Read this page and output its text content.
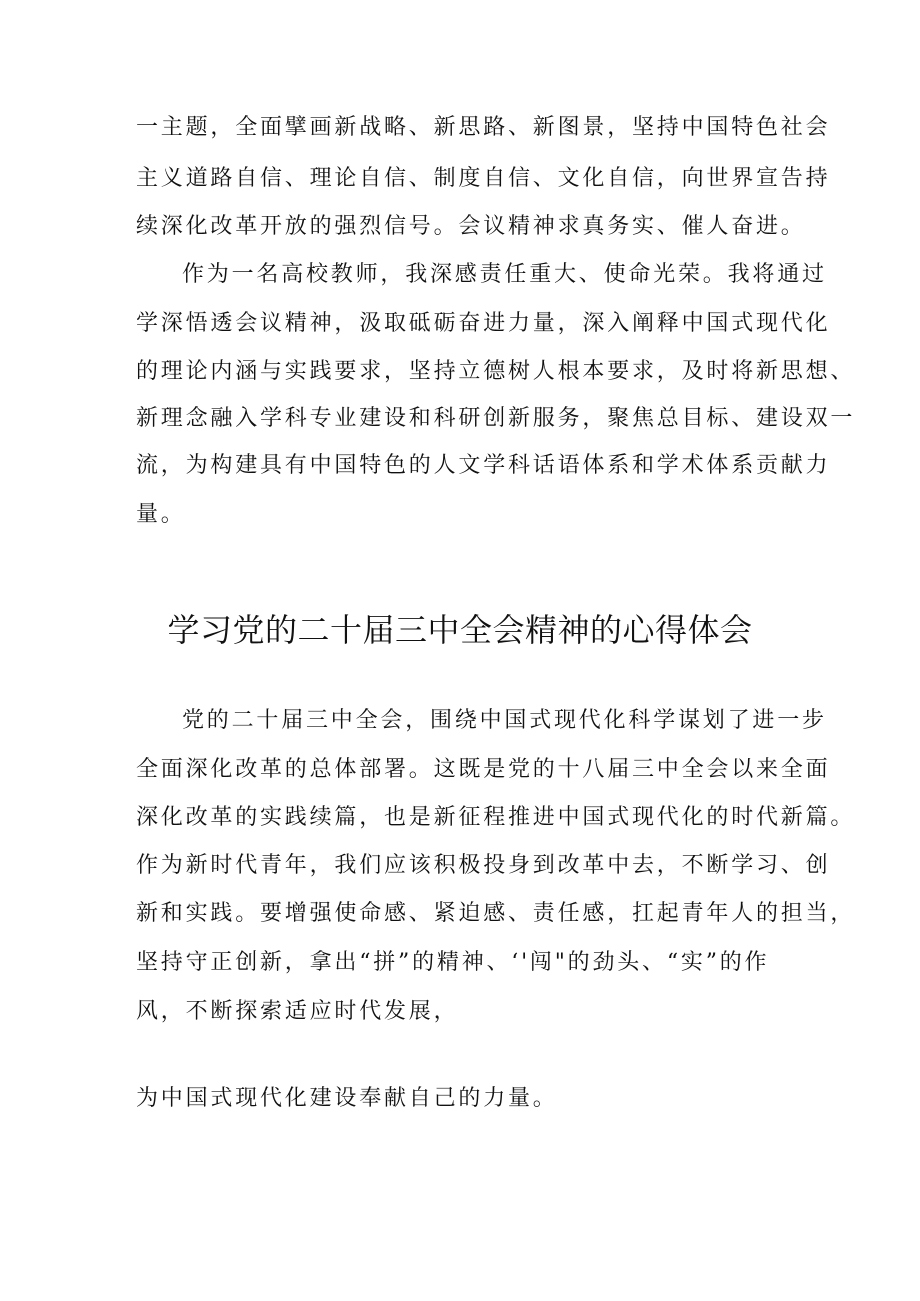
一主题，全面擘画新战略、新思路、新图景，坚持中国特色社会
主义道路自信、理论自信、制度自信、文化自信，向世界宣告持
续深化改革开放的强烈信号。会议精神求真务实、催人奋进。
作为一名高校教师，我深感责任重大、使命光荣。我将通过
学深悟透会议精神，汲取砥砺奋进力量，深入阐释中国式现代化
的理论内涵与实践要求，坚持立德树人根本要求，及时将新思想、
新理念融入学科专业建设和科研创新服务，聚焦总目标、建设双一
流，为构建具有中国特色的人文学科话语体系和学术体系贡献力
量。
学习党的二十届三中全会精神的心得体会
党的二十届三中全会，围绕中国式现代化科学谋划了进一步
全面深化改革的总体部署。这既是党的十八届三中全会以来全面
深化改革的实践续篇，也是新征程推进中国式现代化的时代新篇。
作为新时代青年，我们应该积极投身到改革中去，不断学习、创
新和实践。要增强使命感、紧迫感、责任感，扛起青年人的担当，
坚持守正创新，拿出“拼”的精神、‘'闯"的劲头、“实”的作
风，不断探索适应时代发展，
为中国式现代化建设奉献自己的力量。
